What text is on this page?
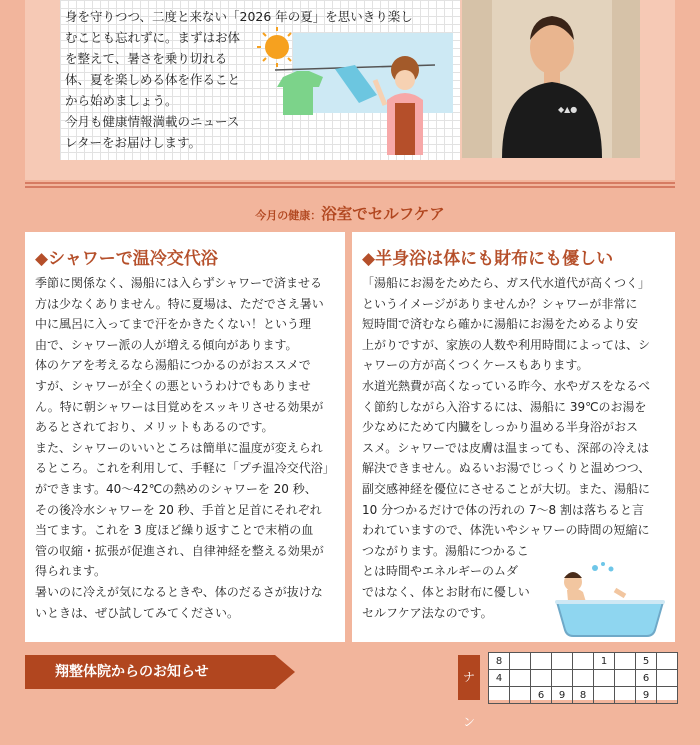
身を守りつつ、二度と来ない「2026 年の夏」を思いきり楽し
むことも忘れずに。まずはお体
を整えて、暑さを乗り切れる
体、夏を楽しめる体を作ること
から始めましょう。
今月も健康情報満載のニュース
レターをお届けします。
◆▲●
今月の健康：浴室でセルフケア
◆シャワーで温冷交代浴
季節に関係なく、湯船には入らずシャワーで済ませる
方は少なくありません。特に夏場は、ただでさえ暑い
中に風呂に入ってまで汗をかきたくない！という理
由で、シャワー派の人が増える傾向があります。
体のケアを考えるなら湯船につかるのがおススメで
すが、シャワーが全くの悪というわけでもありませ
ん。特に朝シャワーは目覚めをスッキリさせる効果が
あるとされており、メリットもあるのです。
また、シャワーのいいところは簡単に温度が変えられ
るところ。これを利用して、手軽に「プチ温冷交代浴」
ができます。40～42℃の熱めのシャワーを 20 秒、
その後冷水シャワーを 20 秒、手首と足首にそれぞれ
当てます。これを 3 度ほど繰り返すことで末梢の血
管の収縮・拡張が促進され、自律神経を整える効果が
得られます。
暑いのに冷えが気になるときや、体のだるさが抜けな
いときは、ぜひ試してみてください。
◆半身浴は体にも財布にも優しい
「湯船にお湯をためたら、ガス代水道代が高くつく」
というイメージがありませんか？シャワーが非常に
短時間で済むなら確かに湯船にお湯をためるより安
上がりですが、家族の人数や利用時間によっては、シ
ャワーの方が高くつくケースもあります。
水道光熱費が高くなっている昨今、水やガスをなるべ
く節約しながら入浴するには、湯船に 39℃のお湯を
少なめにためて内臓をしっかり温める半身浴がおス
スメ。シャワーでは皮膚は温まっても、深部の冷えは
解決できません。ぬるいお湯でじっくりと温めつつ、
副交感神経を優位にさせることが大切。また、湯船に
10 分つかるだけで体の汚れの 7～8 割は落ちると言
われていますので、体洗いやシャワーの時間の短縮に
つながります。湯船につかるこ
とは時間やエネルギーのムダ
ではなく、体とお財布に優しい
セルフケア法なのです。
翔整体院からのお知らせ	ナン
8					1		5	
4							6	
		6	9	8			9	
